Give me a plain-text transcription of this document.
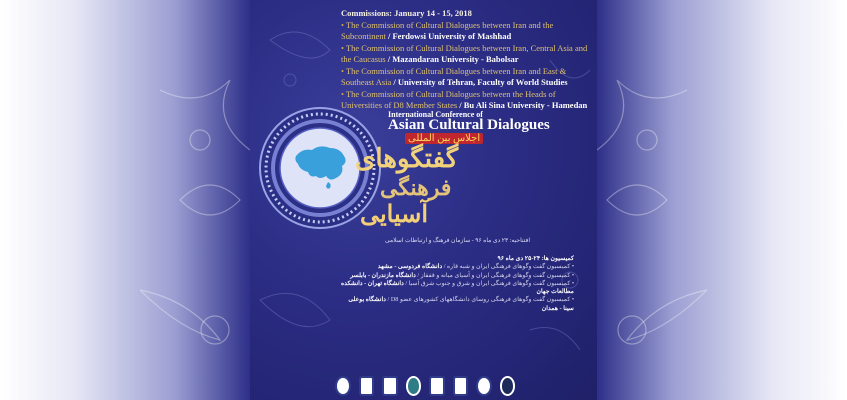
Commissions: January 14 - 15, 2018
• The Commission of Cultural Dialogues between Iran and the Subcontinent / Ferdowsi University of Mashhad
• The Commission of Cultural Dialogues between Iran, Central Asia and the Caucasus / Mazandaran University - Babolsar
• The Commission of Cultural Dialogues between Iran and East & Southeast Asia / University of Tehran, Faculty of World Studies
• The Commission of Cultural Dialogues between the Heads of Universities of D8 Member States / Bu Ali Sina University - Hamedan
International Conference of
Asian Cultural Dialogues
اجلاس بین المللی
گفتگوهای
فرهنگی
آسیایی
افتتاحیه: ۲۳ دی ماه ۹۶ - سازمان فرهنگ و ارتباطات اسلامی
کمیسیون ها: ۲۴-۲۵ دی ماه ۹۶
• کمیسیون گفت وگوهای فرهنگی ایران و شبه قاره / دانشگاه فردوسی - مشهد
• کمیسیون گفت وگوهای فرهنگی ایران و آسیای میانه و قفقاز / دانشگاه مازندران - بابلسر
• کمیسیون گفت وگوهای فرهنگی ایران و شرق و جنوب شرق آسیا / دانشگاه تهران - دانشکده مطالعات جهان
• کمیسیون گفت وگوهای فرهنگی روسای دانشگاههای کشورهای عضو D8 / دانشگاه بوعلی سینا - همدان
